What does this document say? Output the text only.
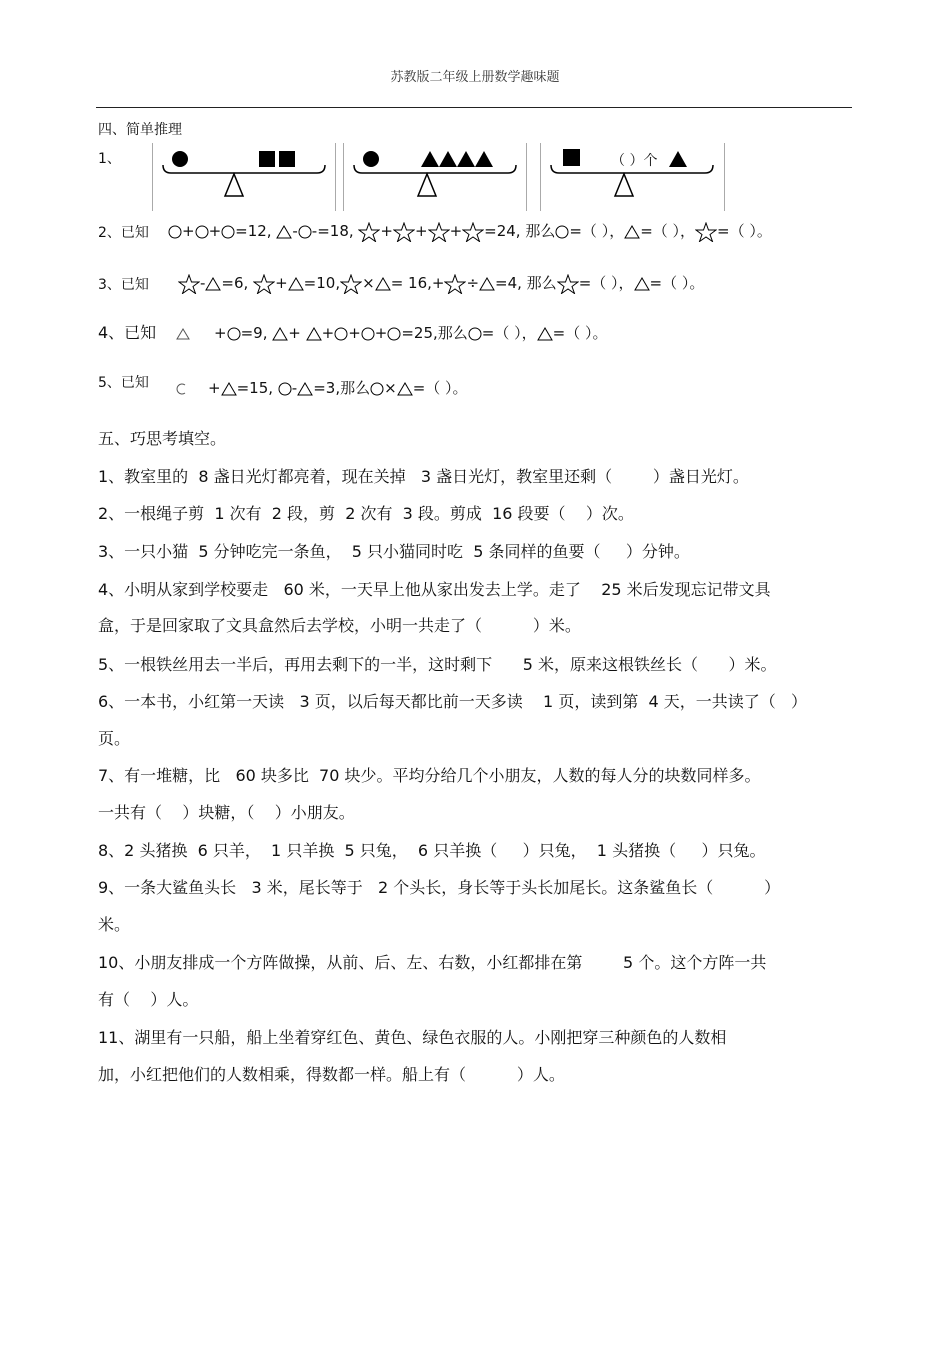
苏教版二年级上册数学趣味题
四、简单推理
1、	（ ）个

2、已知

	+ + =12, - -=18, + + + =24, 那么 =（ ）， =（ ）， =（ ）。

3、已知

	- =6, + =10, × = 16,+ ÷ =4, 那么 =（ ）， =（ ）。

4、已知

	+ =9, + + + + =25,那么 =（ ）， =（ ）。

5、已知

	+ =15, - =3,那么 × =（ ）。

五、巧思考填空。
1、教室里的  8 盏日光灯都亮着，现在关掉   3 盏日光灯，教室里还剩（        ）盏日光灯。
2、一根绳子剪  1 次有  2 段，剪  2 次有  3 段。剪成  16 段要（    ）次。
3、一只小猫  5 分钟吃完一条鱼，  5 只小猫同时吃  5 条同样的鱼要（     ）分钟。
4、小明从家到学校要走   60 米，一天早上他从家出发去上学。走了    25 米后发现忘记带文具
盒，于是回家取了文具盒然后去学校，小明一共走了（          ）米。
5、一根铁丝用去一半后，再用去剩下的一半，这时剩下      5 米，原来这根铁丝长（      ）米。
6、一本书，小红第一天读   3 页，以后每天都比前一天多读    1 页，读到第  4 天，一共读了（   ）
页。
7、有一堆糖，比   60 块多比  70 块少。平均分给几个小朋友，人数的每人分的块数同样多。
一共有（    ）块糖，（    ）小朋友。
8、2 头猪换  6 只羊，  1 只羊换  5 只兔，  6 只羊换（     ）只兔，  1 头猪换（     ）只兔。
9、一条大鲨鱼头长   3 米，尾长等于   2 个头长，身长等于头长加尾长。这条鲨鱼长（          ）
米。
10、小朋友排成一个方阵做操，从前、后、左、右数，小红都排在第        5 个。这个方阵一共
有（    ）人。
11、湖里有一只船，船上坐着穿红色、黄色、绿色衣服的人。小刚把穿三种颜色的人数相
加，小红把他们的人数相乘，得数都一样。船上有（          ）人。
